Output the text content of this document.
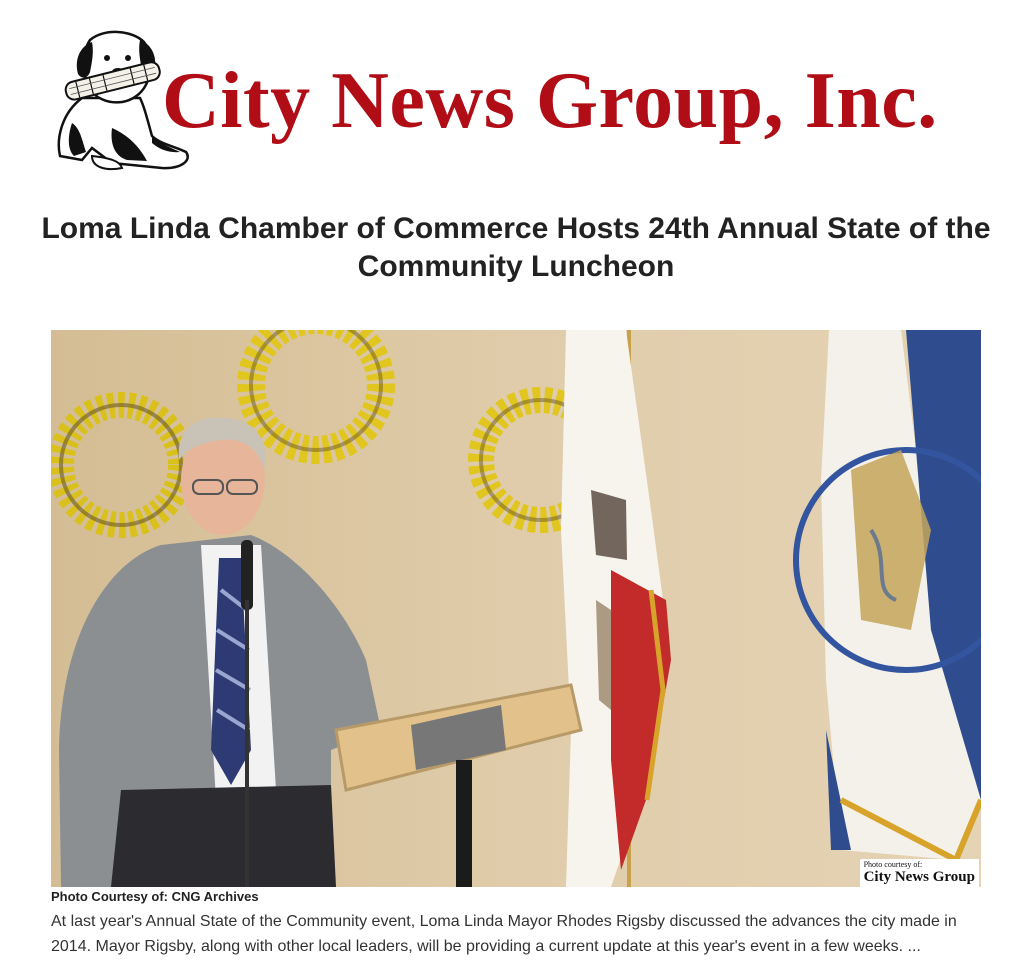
City News Group, Inc.
Loma Linda Chamber of Commerce Hosts 24th Annual State of the Community Luncheon
Photo courtesy of:
City News Group
Photo Courtesy of: CNG Archives

At last year's Annual State of the Community event, Loma Linda Mayor Rhodes Rigsby discussed the advances the city made in 2014. Mayor Rigsby, along with other local leaders, will be providing a current update at this year's event in a few weeks. ...
